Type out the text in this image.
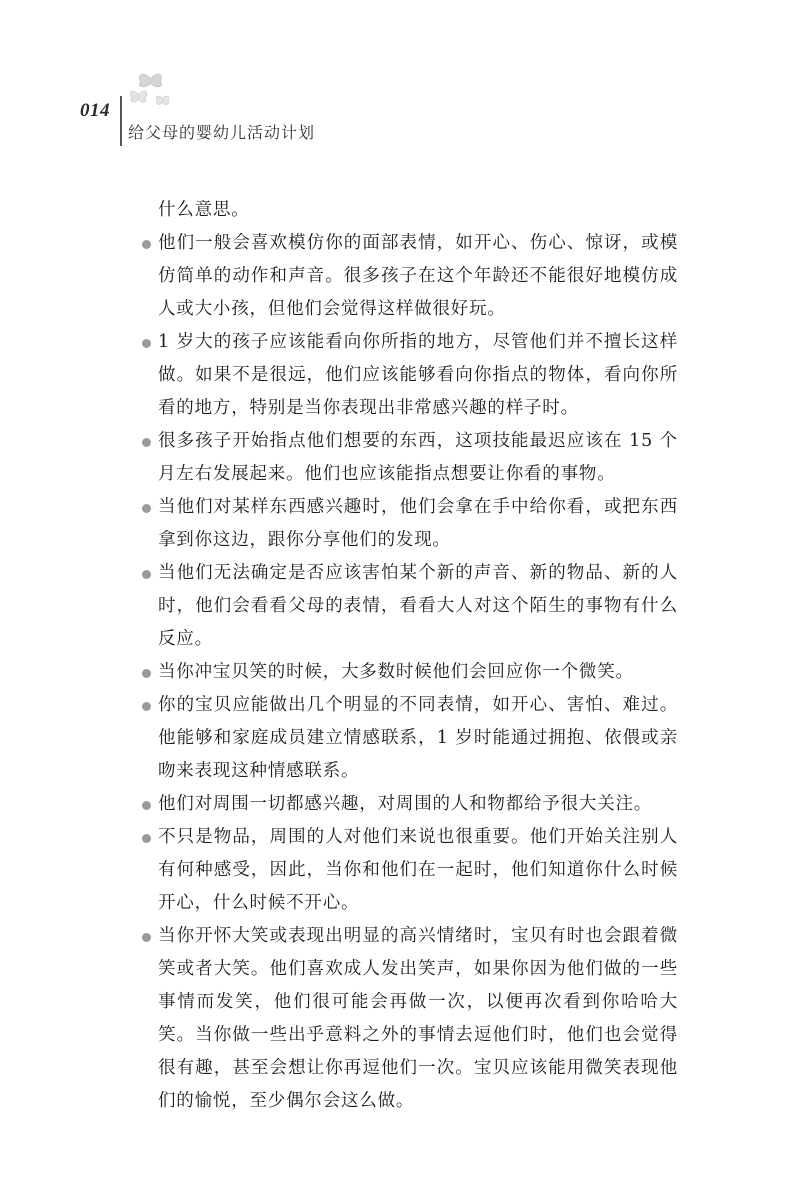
014
给父母的婴幼儿活动计划

什么意思。

他们一般会喜欢模仿你的面部表情，如开心、伤心、惊讶，或模仿简单的动作和声音。很多孩子在这个年龄还不能很好地模仿成人或大小孩，但他们会觉得这样做很好玩。
1 岁大的孩子应该能看向你所指的地方，尽管他们并不擅长这样做。如果不是很远，他们应该能够看向你指点的物体，看向你所看的地方，特别是当你表现出非常感兴趣的样子时。
很多孩子开始指点他们想要的东西，这项技能最迟应该在 15 个月左右发展起来。他们也应该能指点想要让你看的事物。
当他们对某样东西感兴趣时，他们会拿在手中给你看，或把东西拿到你这边，跟你分享他们的发现。
当他们无法确定是否应该害怕某个新的声音、新的物品、新的人时，他们会看看父母的表情，看看大人对这个陌生的事物有什么反应。
当你冲宝贝笑的时候，大多数时候他们会回应你一个微笑。
你的宝贝应能做出几个明显的不同表情，如开心、害怕、难过。他能够和家庭成员建立情感联系，1 岁时能通过拥抱、依偎或亲吻来表现这种情感联系。
他们对周围一切都感兴趣，对周围的人和物都给予很大关注。
不只是物品，周围的人对他们来说也很重要。他们开始关注别人有何种感受，因此，当你和他们在一起时，他们知道你什么时候开心，什么时候不开心。
当你开怀大笑或表现出明显的高兴情绪时，宝贝有时也会跟着微笑或者大笑。他们喜欢成人发出笑声，如果你因为他们做的一些事情而发笑，他们很可能会再做一次，以便再次看到你哈哈大笑。当你做一些出乎意料之外的事情去逗他们时，他们也会觉得很有趣，甚至会想让你再逗他们一次。宝贝应该能用微笑表现他们的愉悦，至少偶尔会这么做。
